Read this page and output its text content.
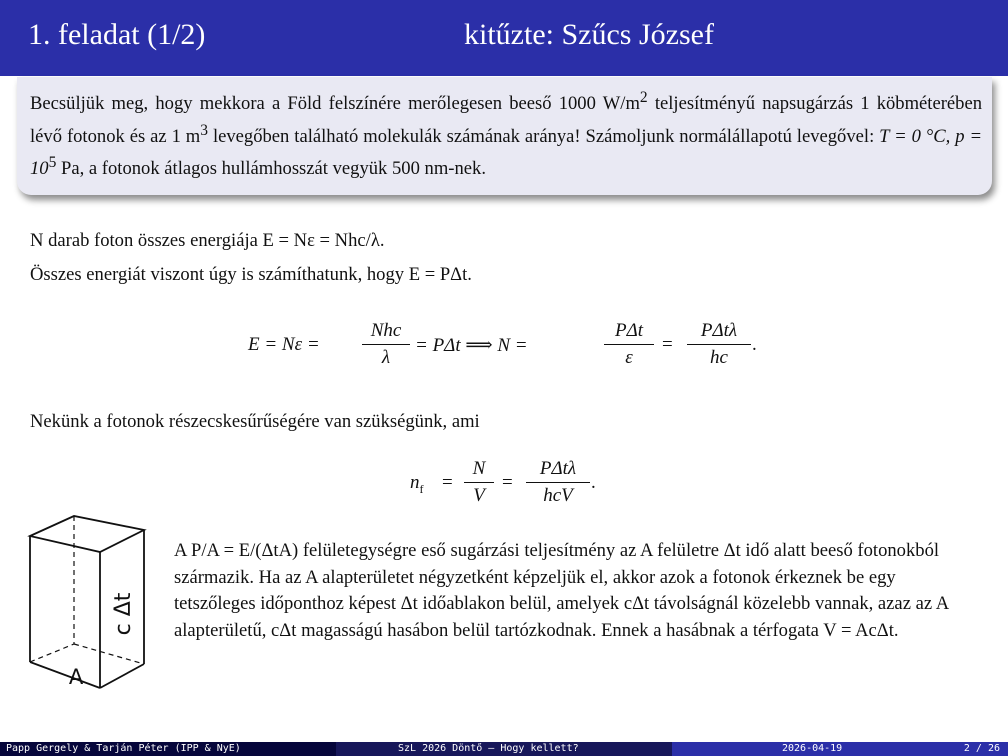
1. feladat (1/2)	kitűzte: Szűcs József
Becsüljük meg, hogy mekkora a Föld felszínére merőlegesen beeső 1000 $W/m^2$ teljesítményű napsugárzás 1 köbméterében lévő fotonok és az 1 $m^3$ levegőben található molekulák számának aránya! Számoljunk normálállapotú levegővel: T = 0 °C, $p = 10^5$ Pa, a fotonok átlagos hullámhosszát vegyük 500 nm-nek.
N darab foton összes energiája E = Nε = Nhc/λ.
Összes energiát viszont úgy is számíthatunk, hogy E = PΔt.
E = Nε =
Nhc
λ
= PΔt ⟹ N =
PΔt
ε
=
PΔtλ
hc
.
Nekünk a fotonok részecskesűrűségére van szükségünk, ami
$n_f = \frac{N}{V}$ =
PΔtλ
hcV
.
c Δt
A
A P/A = E/(ΔtA) felületegységre eső sugárzási teljesítmény az A felületre Δt idő alatt beeső fotonokból származik. Ha az A alapterületet négyzetként képzeljük el, akkor azok a fotonok érkeznek be egy tetszőleges időponthoz képest Δt időablakon belül, amelyek cΔt távolságnál közelebb vannak, azaz az A alapterületű, cΔt magasságú hasábon belül tartózkodnak. Ennek a hasábnak a térfogata V = AcΔt.
Papp Gergely & Tarján Péter (IPP & NyE)	SzL 2026 Döntő – Hogy kellett?	2026-04-19	2 / 26
